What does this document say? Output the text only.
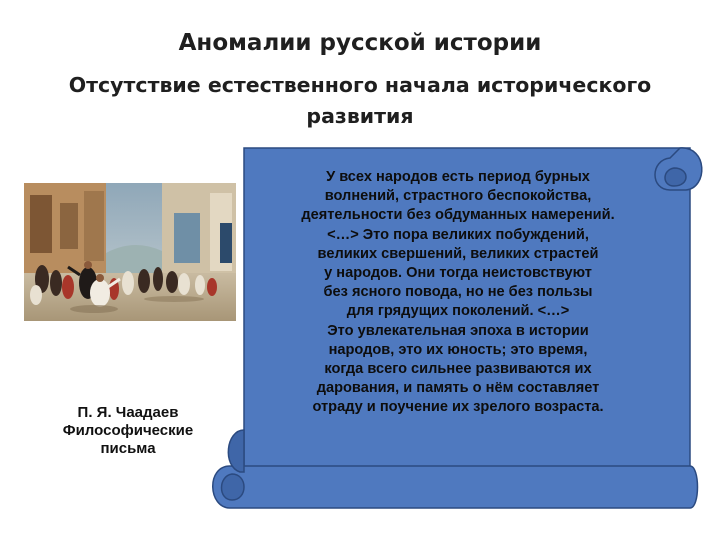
Аномалии русской истории
Отсутствие естественного начала исторического
развития
П. Я. Чаадаев
Философические
письма
У всех народов есть период бурных
волнений, страстного беспокойства,
деятельности без обдуманных намерений.
<…> Это пора великих побуждений,
великих свершений, великих страстей
у народов. Они тогда неистовствуют
без ясного повода, но не без пользы
для грядущих поколений. <…>
Это увлекательная эпоха в истории
народов, это их юность; это время,
когда всего сильнее развиваются их
дарования, и память о нём составляет
отраду и поучение их зрелого возраста.
